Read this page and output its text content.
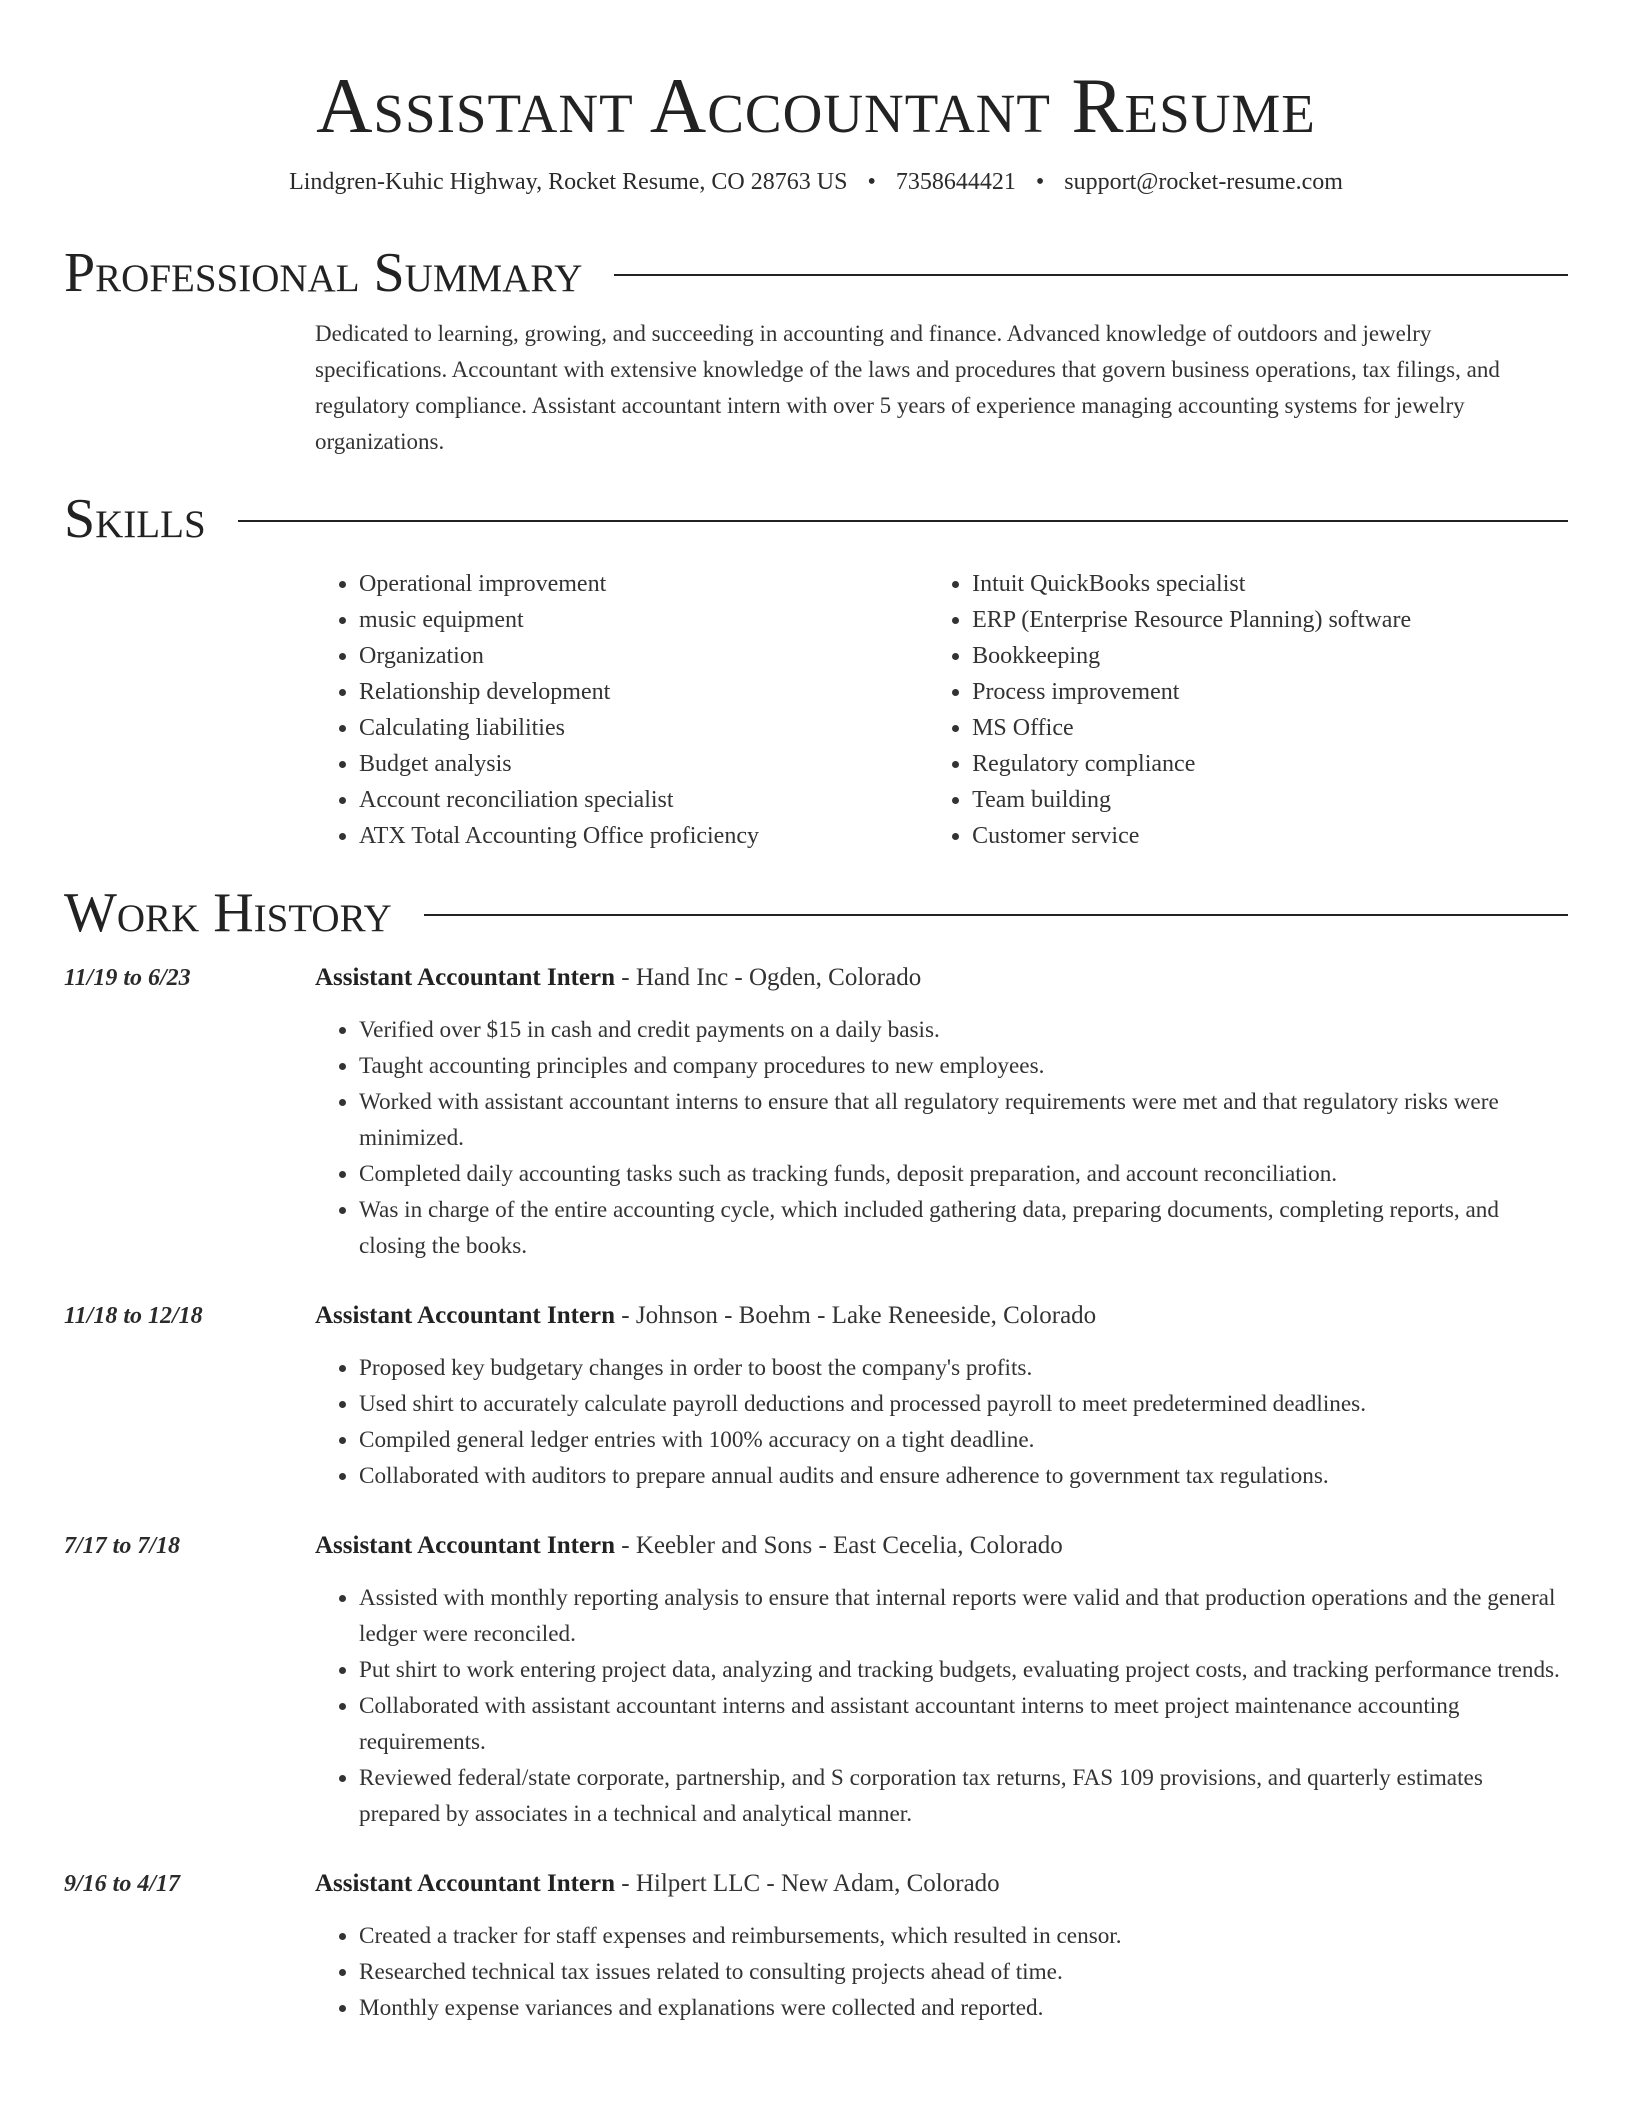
Assistant Accountant Resume
Lindgren-Kuhic Highway, Rocket Resume, CO 28763 US • 7358644421 • support@rocket-resume.com
Professional Summary
Dedicated to learning, growing, and succeeding in accounting and finance. Advanced knowledge of outdoors and jewelry specifications. Accountant with extensive knowledge of the laws and procedures that govern business operations, tax filings, and regulatory compliance. Assistant accountant intern with over 5 years of experience managing accounting systems for jewelry organizations.
Skills
• Operational improvement
• music equipment
• Organization
• Relationship development
• Calculating liabilities
• Budget analysis
• Account reconciliation specialist
• ATX Total Accounting Office proficiency
• Intuit QuickBooks specialist
• ERP (Enterprise Resource Planning) software
• Bookkeeping
• Process improvement
• MS Office
• Regulatory compliance
• Team building
• Customer service
Work History
11/19 to 6/23	Assistant Accountant Intern - Hand Inc - Ogden, Colorado
• Verified over $15 in cash and credit payments on a daily basis.
• Taught accounting principles and company procedures to new employees.
• Worked with assistant accountant interns to ensure that all regulatory requirements were met and that regulatory risks were minimized.
• Completed daily accounting tasks such as tracking funds, deposit preparation, and account reconciliation.
• Was in charge of the entire accounting cycle, which included gathering data, preparing documents, completing reports, and closing the books.
11/18 to 12/18	Assistant Accountant Intern - Johnson - Boehm - Lake Reneeside, Colorado
• Proposed key budgetary changes in order to boost the company's profits.
• Used shirt to accurately calculate payroll deductions and processed payroll to meet predetermined deadlines.
• Compiled general ledger entries with 100% accuracy on a tight deadline.
• Collaborated with auditors to prepare annual audits and ensure adherence to government tax regulations.
7/17 to 7/18	Assistant Accountant Intern - Keebler and Sons - East Cecelia, Colorado
• Assisted with monthly reporting analysis to ensure that internal reports were valid and that production operations and the general ledger were reconciled.
• Put shirt to work entering project data, analyzing and tracking budgets, evaluating project costs, and tracking performance trends.
• Collaborated with assistant accountant interns and assistant accountant interns to meet project maintenance accounting requirements.
• Reviewed federal/state corporate, partnership, and S corporation tax returns, FAS 109 provisions, and quarterly estimates prepared by associates in a technical and analytical manner.
9/16 to 4/17	Assistant Accountant Intern - Hilpert LLC - New Adam, Colorado
• Created a tracker for staff expenses and reimbursements, which resulted in censor.
• Researched technical tax issues related to consulting projects ahead of time.
• Monthly expense variances and explanations were collected and reported.
